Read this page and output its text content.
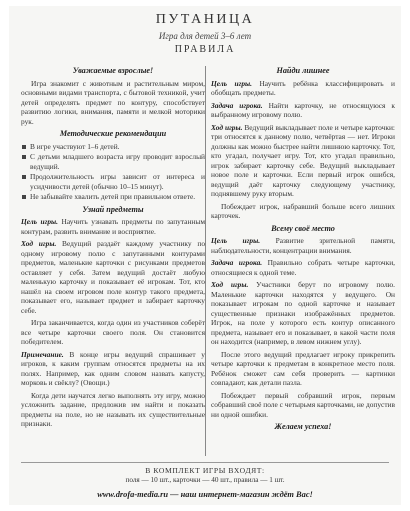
ПУТАНИЦА
Игра для детей 3–6 лет
ПРАВИЛА
Уважаемые взрослые!

Игра знакомит с животным и растительным миром, основными видами транспорта, с бытовой техникой, учит детей определять предмет по контуру, способствует развитию логики, внимания, памяти и мелкой моторики рук.

Методические рекомендации
В игре участвуют 1–6 детей.
С детьми младшего возраста игру проводит взрослый ведущий.
Продолжительность игры зависит от интереса и усидчивости детей (обычно 10–15 минут).
Не забывайте хвалить детей при правильном ответе.
Узнай предметы

Цель игры. Научить узнавать предметы по запутанным контурам, развить внимание и восприятие.

Ход игры. Ведущий раздаёт каждому участнику по одному игровому полю с запутанными контурами предметов, маленькие карточки с рисунками предметов оставляет у себя. Затем ведущий достаёт любую маленькую карточку и показывает её игрокам. Тот, кто нашёл на своем игровом поле контур такого предмета, показывает его, называет предмет и забирает карточку себе.

Игра заканчивается, когда один из участников соберёт все четыре карточки своего поля. Он становится победителем.

Примечание. В конце игры ведущий спрашивает у игроков, к каким группам относятся предметы на их полях. Например, как одним словом назвать капусту, морковь и свёклу? (Овощи.)

Когда дети научатся легко выполнять эту игру, можно усложнить задание, предложив им найти и показать предметы на поле, но не называть их существительные признаки.

Найди лишнее

Цель игры. Научить ребёнка классифицировать и обобщать предметы.

Задача игрока. Найти карточку, не относящуюся к выбранному игровому полю.

Ход игры. Ведущий выкладывает поле и четыре карточки: три относятся к данному полю, четвёртая — нет. Игроки должны как можно быстрее найти лишнюю карточку. Тот, кто угадал, получает игру. Тот, кто угадал правильно, игрок забирает карточку себе. Ведущий выкладывает новое поле и карточки. Если первый игрок ошибся, ведущий даёт карточку следующему участнику, поднявшему руку вторым.

Побеждает игрок, набравший больше всего лишних карточек.

Всему своё место

Цель игры. Развитие зрительной памяти, наблюдательности, концентрации внимания.

Задача игрока. Правильно собрать четыре карточки, относящиеся к одной теме.

Ход игры. Участники берут по игровому полю. Маленькие карточки находятся у ведущего. Он показывает игрокам по одной карточке и называет существенные признаки изображённых предметов. Игрок, на поле у которого есть контур описанного предмета, называет его и показывает, в какой части поля он находится (например, в левом нижнем углу).

После этого ведущий предлагает игроку прикрепить четыре карточки к предметам в конкретное место поля. Ребёнок сможет сам себя проверить — картинки совпадают, как детали пазла.

Побеждает первый собравший игрок, первым собравший своё поле с четырьмя карточками, не допустив ни одной ошибки.

Желаем успеха!
В КОМПЛЕКТ ИГРЫ ВХОДЯТ:
поля — 10 шт., карточки — 40 шт., правила — 1 шт.
www.drofa-media.ru — наш интернет-магазин ждёт Вас!
